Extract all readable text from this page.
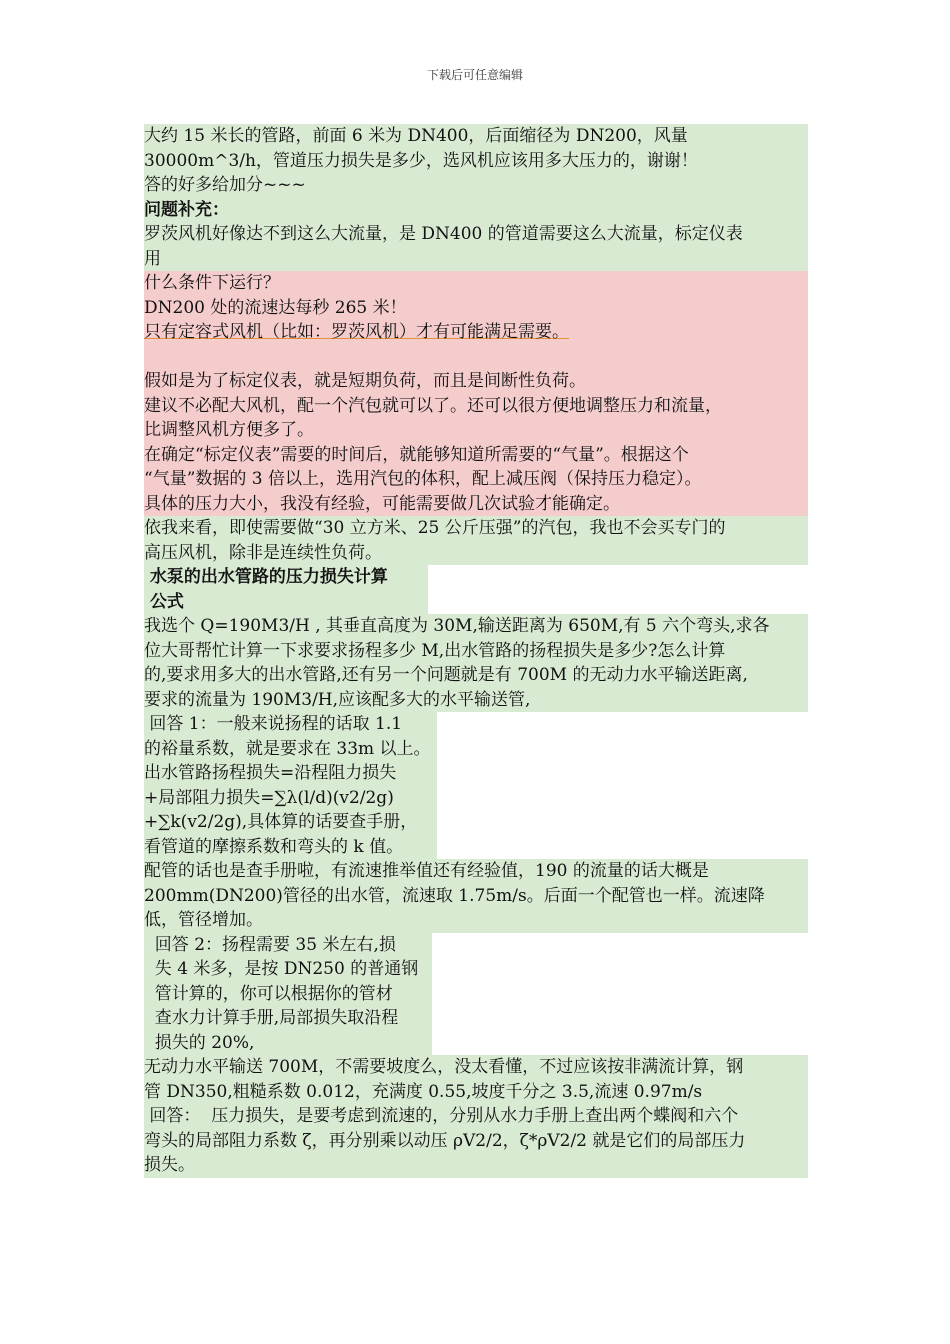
下载后可任意编辑
大约 15 米长的管路，前面 6 米为 DN400，后面缩径为 DN200，风量
30000m^3/h，管道压力损失是多少，选风机应该用多大压力的，谢谢！
答的好多给加分~~~
问题补充：
罗茨风机好像达不到这么大流量，是 DN400 的管道需要这么大流量，标定仪表
用
什么条件下运行？
DN200 处的流速达每秒 265 米！
只有定容式风机（比如：罗茨风机）才有可能满足需要。
假如是为了标定仪表，就是短期负荷，而且是间断性负荷。
建议不必配大风机，配一个汽包就可以了。还可以很方便地调整压力和流量，
比调整风机方便多了。
在确定“标定仪表”需要的时间后，就能够知道所需要的“气量”。根据这个
“气量”数据的 3 倍以上，选用汽包的体积，配上减压阀（保持压力稳定）。
具体的压力大小，我没有经验，可能需要做几次试验才能确定。
依我来看，即使需要做“30 立方米、25 公斤压强”的汽包，我也不会买专门的
高压风机，除非是连续性负荷。
水泵的出水管路的压力损失计算
公式
我选个 Q=190M3/H , 其垂直高度为 30M,输送距离为 650M,有 5 六个弯头,求各
位大哥帮忙计算一下求要求扬程多少 M,出水管路的扬程损失是多少?怎么计算
的,要求用多大的出水管路,还有另一个问题就是有 700M 的无动力水平输送距离,
要求的流量为 190M3/H,应该配多大的水平输送管,
回答 1：一般来说扬程的话取 1.1
的裕量系数，就是要求在 33m 以上。
出水管路扬程损失=沿程阻力损失
+局部阻力损失=∑λ(l/d)(v2/2g)
+∑k(v2/2g),具体算的话要查手册，
看管道的摩擦系数和弯头的 k 值。
配管的话也是查手册啦，有流速推举值还有经验值，190 的流量的话大概是
200mm(DN200)管径的出水管，流速取 1.75m/s。后面一个配管也一样。流速降
低，管径增加。
回答 2：扬程需要 35 米左右,损
失 4 米多，是按 DN250 的普通钢
管计算的，你可以根据你的管材
查水力计算手册,局部损失取沿程
损失的 20%,
无动力水平输送 700M，不需要坡度么，没太看懂，不过应该按非满流计算，钢
管 DN350,粗糙系数 0.012，充满度 0.55,坡度千分之 3.5,流速 0.97m/s
回答：  压力损失，是要考虑到流速的，分别从水力手册上查出两个蝶阀和六个
弯头的局部阻力系数 ζ，再分别乘以动压 ρV2/2，ζ*ρV2/2 就是它们的局部压力
损失。
